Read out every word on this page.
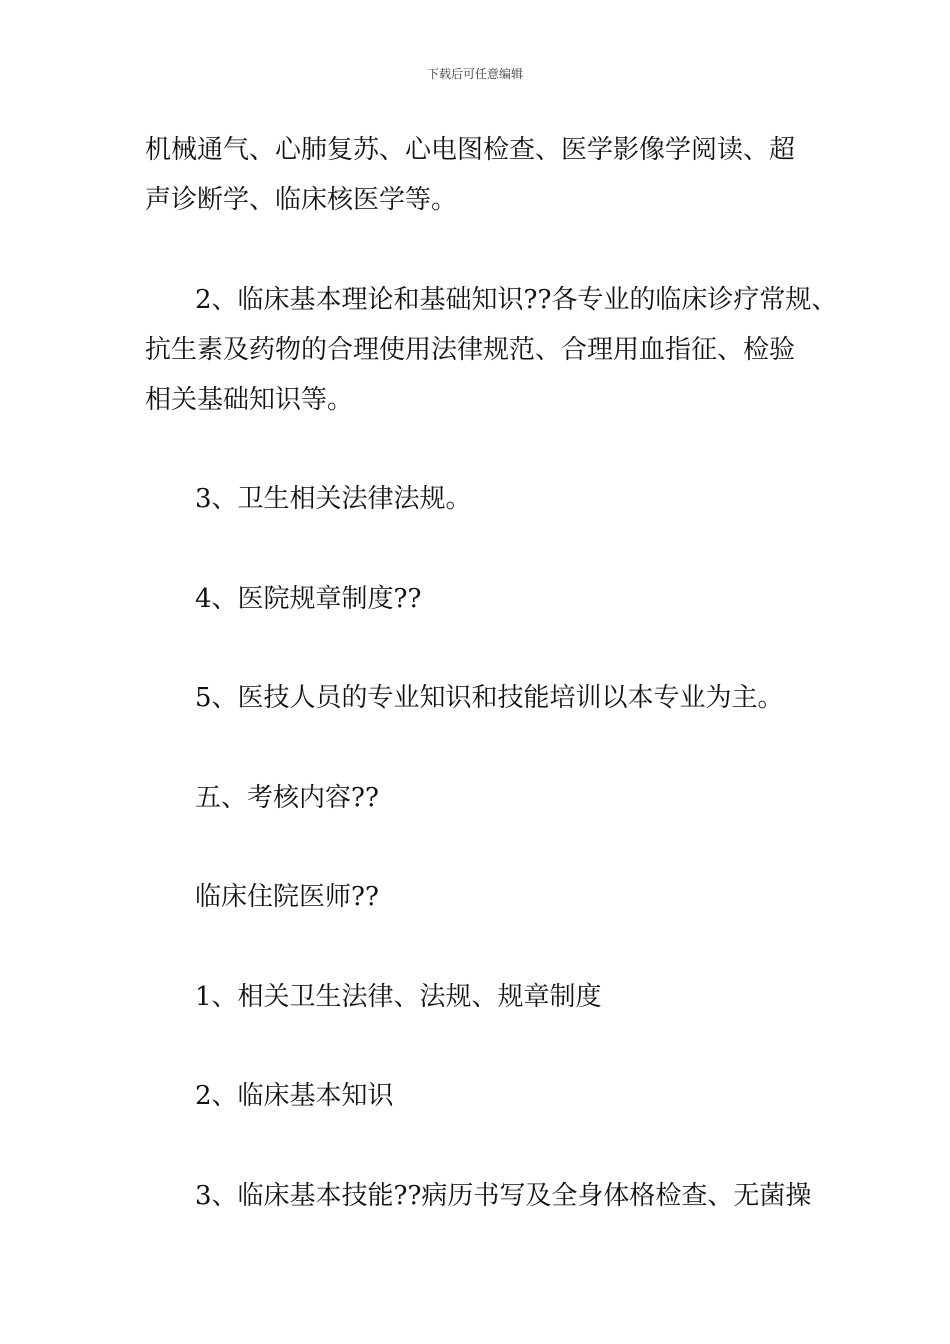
下载后可任意编辑
机械通气、心肺复苏、心电图检查、医学影像学阅读、超
声诊断学、临床核医学等。
2、临床基本理论和基础知识??各专业的临床诊疗常规、
抗生素及药物的合理使用法律规范、合理用血指征、检验
相关基础知识等。
3、卫生相关法律法规。
4、医院规章制度??
5、医技人员的专业知识和技能培训以本专业为主。
五、考核内容??
临床住院医师??
1、相关卫生法律、法规、规章制度
2、临床基本知识
3、临床基本技能??病历书写及全身体格检查、无菌操
